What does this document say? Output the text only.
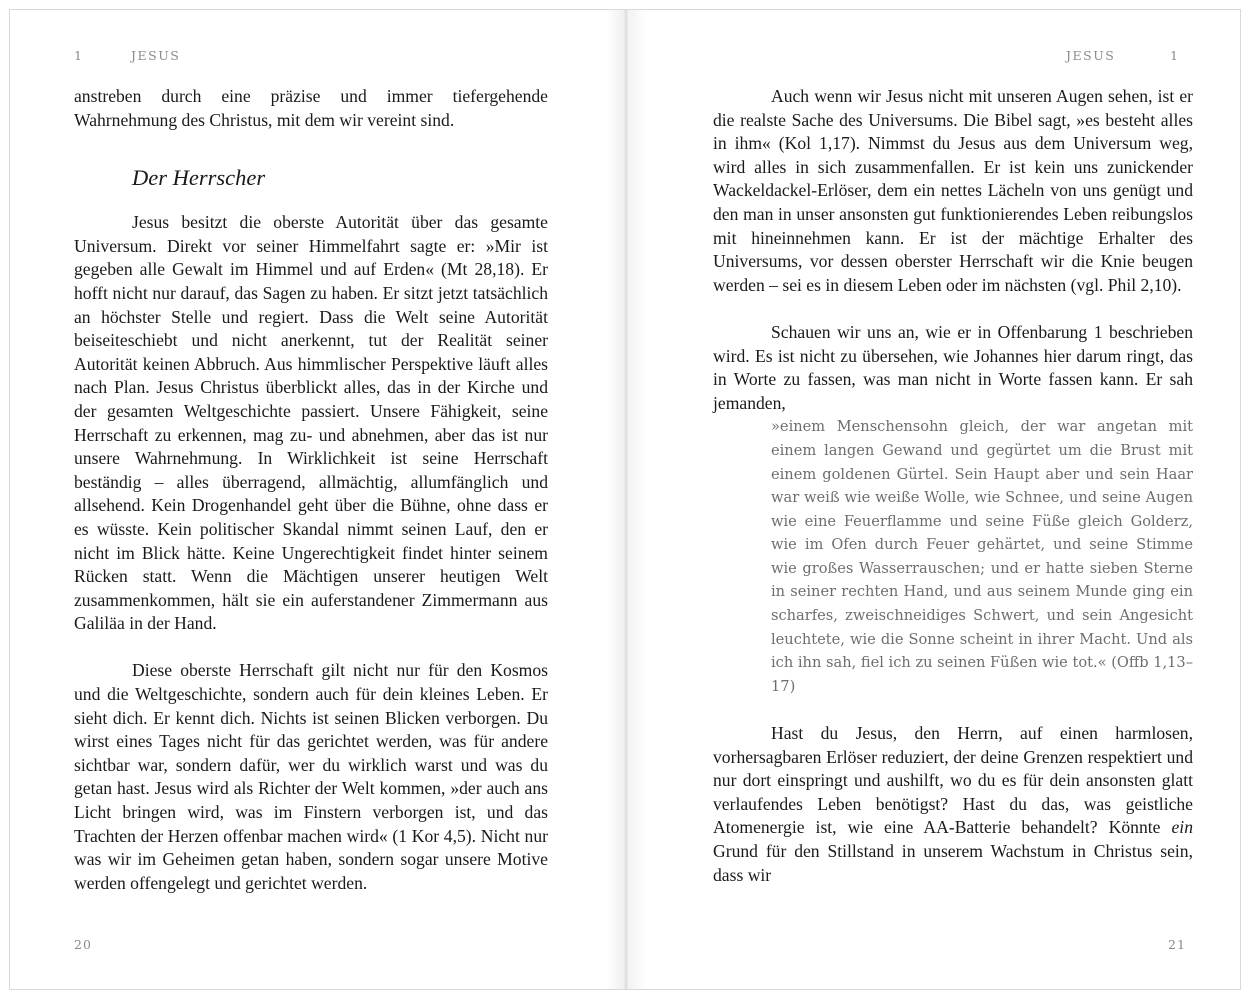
1	JESUS

anstreben durch eine präzise und immer tiefergehende Wahrnehmung des Christus, mit dem wir vereint sind.

Der Herrscher

Jesus besitzt die oberste Autorität über das gesamte Universum. Direkt vor seiner Himmelfahrt sagte er: »Mir ist gegeben alle Gewalt im Himmel und auf Erden« (Mt 28,18). Er hofft nicht nur darauf, das Sagen zu haben. Er sitzt jetzt tatsächlich an höchster Stelle und regiert. Dass die Welt seine Autorität beiseiteschiebt und nicht anerkennt, tut der Realität seiner Autorität keinen Abbruch. Aus himmlischer Perspektive läuft alles nach Plan. Jesus Christus überblickt alles, das in der Kirche und der gesamten Weltgeschichte passiert. Unsere Fähigkeit, seine Herrschaft zu erkennen, mag zu- und abnehmen, aber das ist nur unsere Wahrnehmung. In Wirklichkeit ist seine Herrschaft beständig – alles überragend, allmächtig, allumfänglich und allsehend. Kein Drogenhandel geht über die Bühne, ohne dass er es wüsste. Kein politischer Skandal nimmt seinen Lauf, den er nicht im Blick hätte. Keine Ungerechtigkeit findet hinter seinem Rücken statt. Wenn die Mächtigen unserer heutigen Welt zusammenkommen, hält sie ein auferstandener Zimmermann aus Galiläa in der Hand.

Diese oberste Herrschaft gilt nicht nur für den Kosmos und die Weltgeschichte, sondern auch für dein kleines Leben. Er sieht dich. Er kennt dich. Nichts ist seinen Blicken verborgen. Du wirst eines Tages nicht für das gerichtet werden, was für andere sichtbar war, sondern dafür, wer du wirklich warst und was du getan hast. Jesus wird als Richter der Welt kommen, »der auch ans Licht bringen wird, was im Finstern verborgen ist, und das Trachten der Herzen offenbar machen wird« (1 Kor 4,5). Nicht nur was wir im Geheimen getan haben, sondern sogar unsere Motive werden offengelegt und gerichtet werden.

20
JESUS	1

Auch wenn wir Jesus nicht mit unseren Augen sehen, ist er die realste Sache des Universums. Die Bibel sagt, »es besteht alles in ihm« (Kol 1,17). Nimmst du Jesus aus dem Universum weg, wird alles in sich zusammenfallen. Er ist kein uns zunickender Wackeldackel-Erlöser, dem ein nettes Lächeln von uns genügt und den man in unser ansonsten gut funktionierendes Leben reibungslos mit hineinnehmen kann. Er ist der mächtige Erhalter des Universums, vor dessen oberster Herrschaft wir die Knie beugen werden – sei es in diesem Leben oder im nächsten (vgl. Phil 2,10).

Schauen wir uns an, wie er in Offenbarung 1 beschrieben wird. Es ist nicht zu übersehen, wie Johannes hier darum ringt, das in Worte zu fassen, was man nicht in Worte fassen kann. Er sah jemanden,

»einem Menschensohn gleich, der war angetan mit einem langen Gewand und gegürtet um die Brust mit einem goldenen Gürtel. Sein Haupt aber und sein Haar war weiß wie weiße Wolle, wie Schnee, und seine Augen wie eine Feuerflamme und seine Füße gleich Golderz, wie im Ofen durch Feuer gehärtet, und seine Stimme wie großes Wasserrauschen; und er hatte sieben Sterne in seiner rechten Hand, und aus seinem Munde ging ein scharfes, zweischneidiges Schwert, und sein Angesicht leuchtete, wie die Sonne scheint in ihrer Macht. Und als ich ihn sah, fiel ich zu seinen Füßen wie tot.« (Offb 1,13–17)

Hast du Jesus, den Herrn, auf einen harmlosen, vorhersagbaren Erlöser reduziert, der deine Grenzen respektiert und nur dort einspringt und aushilft, wo du es für dein ansonsten glatt verlaufendes Leben benötigst? Hast du das, was geistliche Atomenergie ist, wie eine AA-Batterie behandelt? Könnte ein Grund für den Stillstand in unserem Wachstum in Christus sein, dass wir

21
